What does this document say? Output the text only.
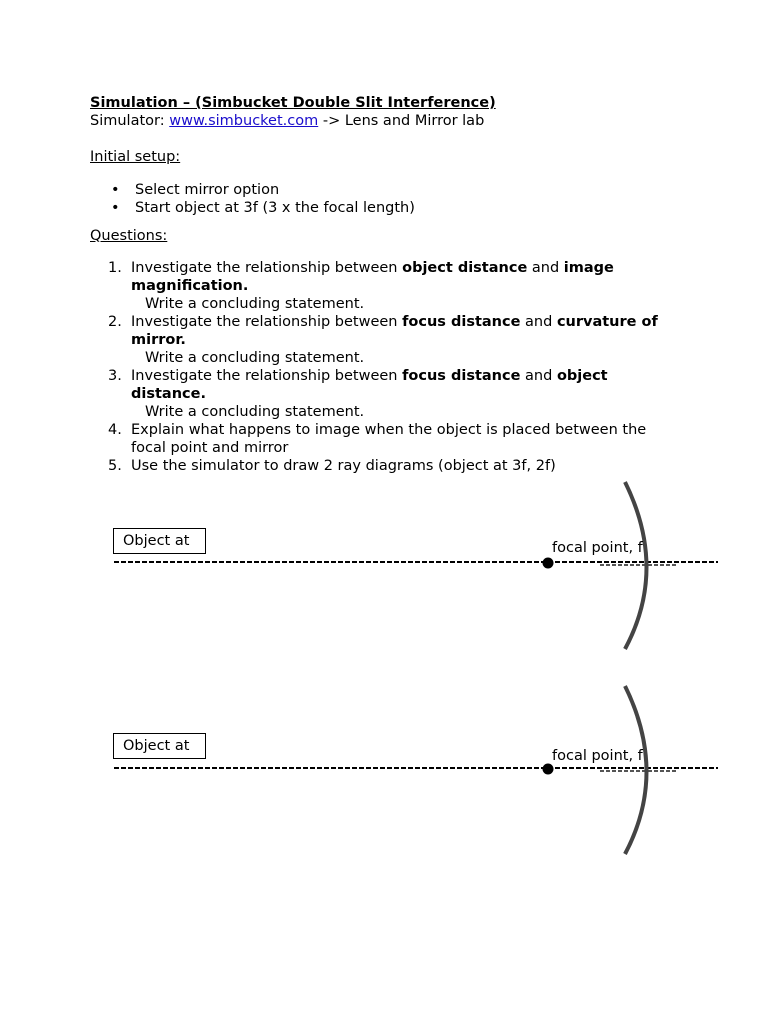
Simulation – (Simbucket Double Slit Interference)

Simulator: www.simbucket.com -> Lens and Mirror lab

Initial setup:

• Select mirror option
• Start object at 3f (3 x the focal length)

Questions:

1. Investigate the relationship between object distance and image magnification.
Write a concluding statement.
2. Investigate the relationship between focus distance and curvature of mirror.
Write a concluding statement.
3. Investigate the relationship between focus distance and object distance.
Write a concluding statement.
4. Explain what happens to image when the object is placed between the focal point and mirror
5. Use the simulator to draw 2 ray diagrams (object at 3f, 2f)
Object at	focal point, f
Object at
focal point, f
